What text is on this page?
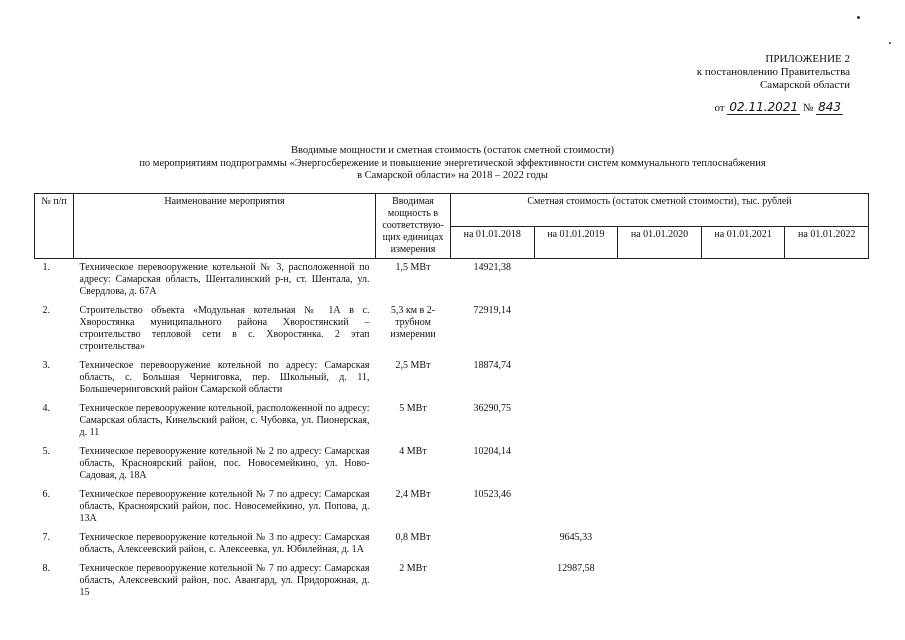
ПРИЛОЖЕНИЕ 2
к постановлению Правительства
Самарской области
от 02.11.2021 № 843
Вводимые мощности и сметная стоимость (остаток сметной стоимости)
по мероприятиям подпрограммы «Энергосбережение и повышение энергетической эффективности систем коммунального теплоснабжения
в Самарской области» на 2018 – 2022 годы
№ п/п	Наименование мероприятия	Вводимая мощность в соответствую-щих единицах измерения	Сметная стоимость (остаток сметной стоимости), тыс. рублей				
			на 01.01.2018	на 01.01.2019	на 01.01.2020	на 01.01.2021	на 01.01.2022
1.	Техническое перевооружение котельной № 3, расположенной по адресу: Самарская область, Шенталинский р-н, ст. Шентала, ул. Свердлова, д. 67А	1,5 МВт	14921,38				
2.	Строительство объекта «Модульная котельная № 1А в с. Хворостянка муниципального района Хворостянский – строительство тепловой сети в с. Хворостянка. 2 этап строительства»	5,3 км в 2-трубном измерении	72919,14				
3.	Техническое перевооружение котельной по адресу: Самарская область, с. Большая Черниговка, пер. Школьный, д. 11, Большечерниговский район Самарской области	2,5 МВт	18874,74				
4.	Техническое перевооружение котельной, расположенной по адресу: Самарская область, Кинельский район, с. Чубовка, ул. Пионерская, д. 11	5 МВт	36290,75				
5.	Техническое перевооружение котельной № 2 по адресу: Самарская область, Красноярский район, пос. Новосемейкино, ул. Ново-Садовая, д. 18А	4 МВт	10204,14				
6.	Техническое перевооружение котельной № 7 по адресу: Самарская область, Красноярский район, пос. Новосемейкино, ул. Попова, д. 13А	2,4 МВт	10523,46				
7.	Техническое перевооружение котельной № 3 по адресу: Самарская область, Алексеевский район, с. Алексеевка, ул. Юбилейная, д. 1А	0,8 МВт		9645,33			
8.	Техническое перевооружение котельной № 7 по адресу: Самарская область, Алексеевский район, пос. Авангард, ул. Придорожная, д. 15	2 МВт		12987,58			
